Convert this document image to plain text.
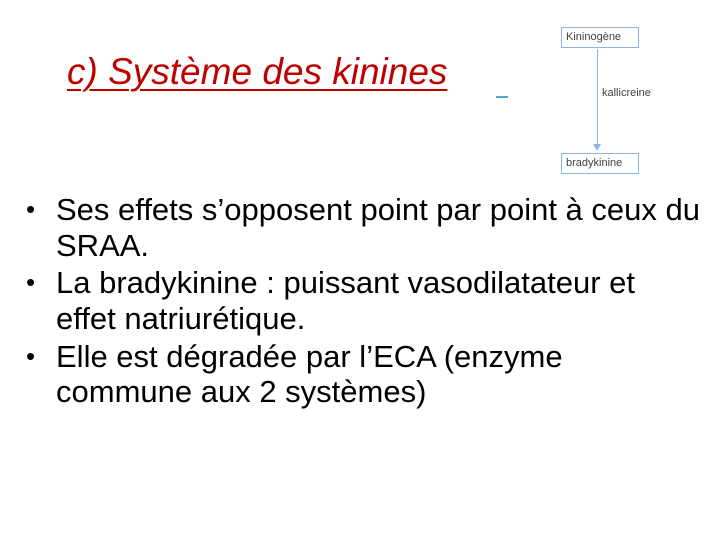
c) Système des kinines
Kininogène
kallicreine
bradykinine
• Ses effets s’opposent point par point à ceux du SRAA.
• La bradykinine : puissant vasodilatateur et effet natriurétique.
• Elle est dégradée par l’ECA (enzyme commune aux 2 systèmes)
